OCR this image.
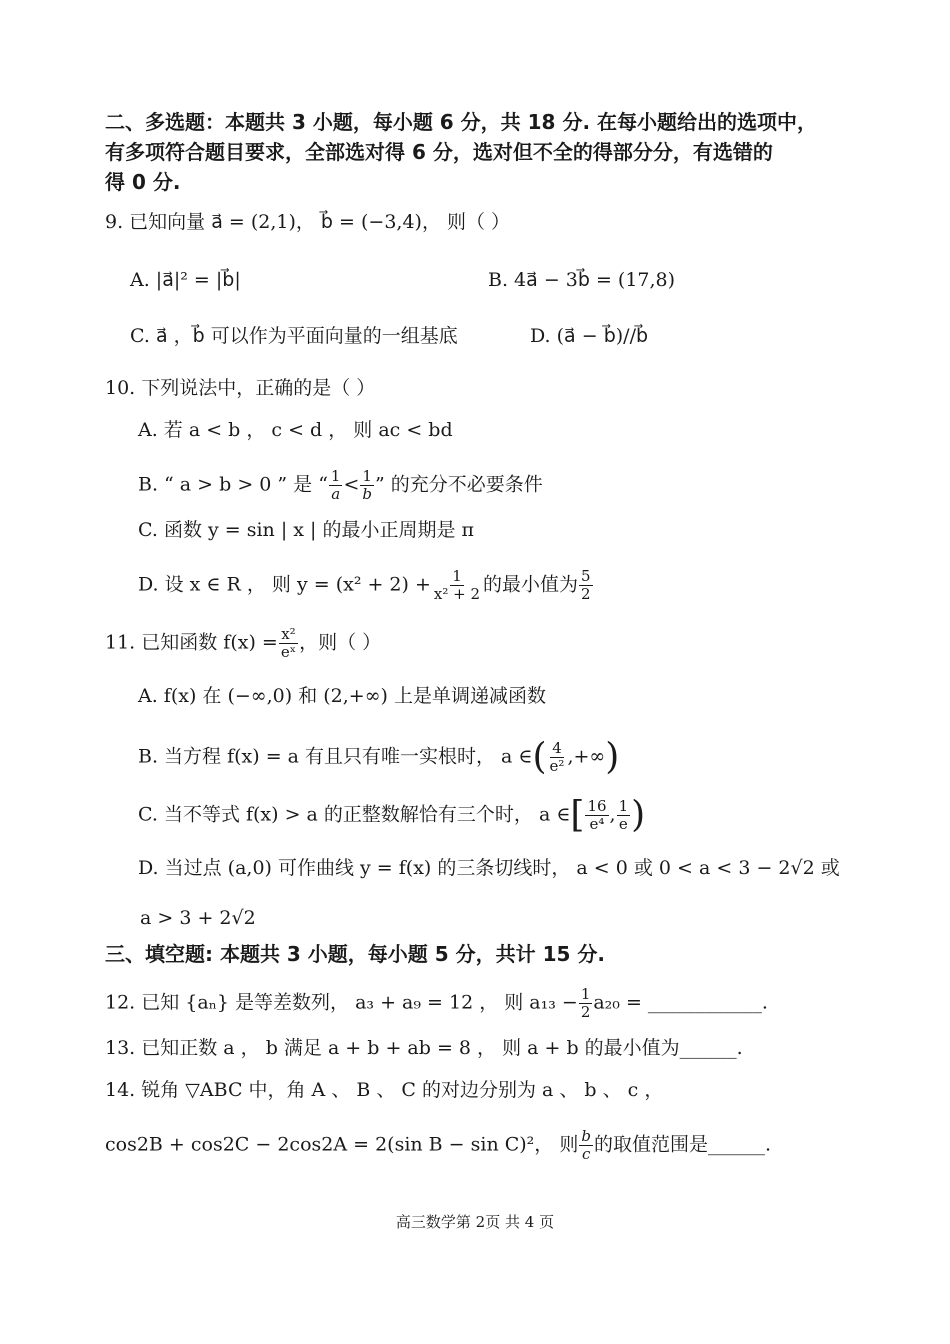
二、多选题：本题共 3 小题，每小题 6 分，共 18 分. 在每小题给出的选项中，
有多项符合题目要求，全部选对得 6 分，选对但不全的得部分分，有选错的
得 0 分.
9. 已知向量 a⃗ = (2,1)， b⃗ = (−3,4)， 则（ ）
A. |a⃗|² = |b⃗|	B. 4a⃗ − 3b⃗ = (17,8)
C. a⃗ ，b⃗ 可以作为平面向量的一组基底	D. (a⃗ − b⃗)//b⃗
10. 下列说法中，正确的是（ ）
A. 若 a < b ， c < d ， 则 ac < bd
B. “ a > b > 0 ” 是 “ $\frac{1}{a} < \frac{1}{b}$ ” 的充分不必要条件
C. 函数 y = sin | x | 的最小正周期是 π
D. 设 x ∈ R ， 则 $y = (x^2 + 2) + \frac{1}{\text{x² + 2}}$ 的最小值为 $\frac{5}{2}$
11. 已知函数 $f(x) = \frac{\text{x²}}{\text{eˣ}}$ ，则（ ）
A. f(x) 在 (−∞,0) 和 (2,+∞) 上是单调递减函数
B. 当方程 f(x) = a 有且只有唯一实根时， a ∈( $\frac{4}{\text{e²}}$ ,+∞)
C. 当不等式 f(x) > a 的正整数解恰有三个时， a ∈[ $\frac{16}{\text{e⁴}}$ , $\frac{1}{e}$ )
D. 当过点 (a,0) 可作曲线 y = f(x) 的三条切线时， a < 0 或 0 < a < 3 − 2√2 或
a > 3 + 2√2
三、填空题: 本题共 3 小题，每小题 5 分，共计 15 分.
12. 已知 {aₙ} 是等差数列， a₃ + a₉ = 12 ， 则 $a_{13} - \frac{1}{2} a_{20}$ = ____________.
13. 已知正数 a ， b 满足 a + b + ab = 8 ， 则 a + b 的最小值为______.
14. 锐角 ▽ABC 中，角 A 、 B 、 C 的对边分别为 a 、 b 、 c ，
cos2B + cos2C − 2cos2A = 2(sin B − sin C)²， 则 $\frac{b}{c}$ 的取值范围是______.
高三数学第 2页 共 4 页
